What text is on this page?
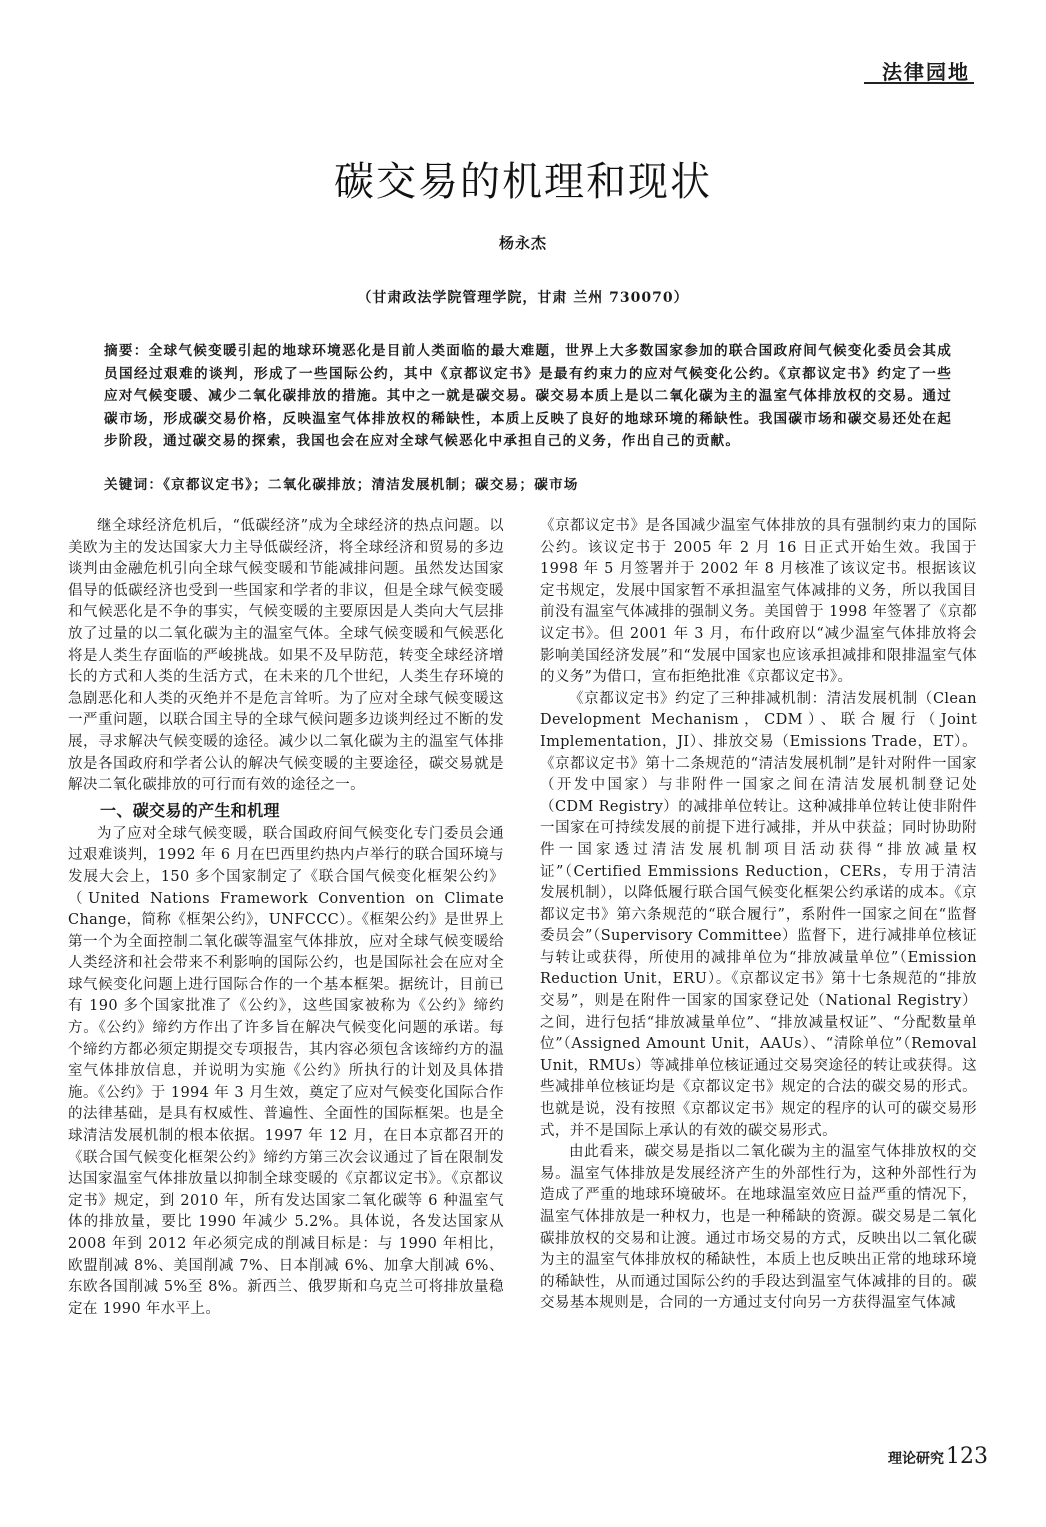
法律园地
碳交易的机理和现状
杨永杰
（甘肃政法学院管理学院，甘肃 兰州 730070）
摘要：全球气候变暖引起的地球环境恶化是目前人类面临的最大难题，世界上大多数国家参加的联合国政府间气候变化委员会其成员国经过艰难的谈判，形成了一些国际公约，其中《京都议定书》是最有约束力的应对气候变化公约。《京都议定书》约定了一些应对气候变暖、减少二氧化碳排放的措施。其中之一就是碳交易。碳交易本质上是以二氧化碳为主的温室气体排放权的交易。通过碳市场，形成碳交易价格，反映温室气体排放权的稀缺性，本质上反映了良好的地球环境的稀缺性。我国碳市场和碳交易还处在起步阶段，通过碳交易的探索，我国也会在应对全球气候恶化中承担自己的义务，作出自己的贡献。
关键词：《京都议定书》；二氧化碳排放；清洁发展机制；碳交易；碳市场

继全球经济危机后，“低碳经济”成为全球经济的热点问题。以美欧为主的发达国家大力主导低碳经济，将全球经济和贸易的多边谈判由金融危机引向全球气候变暖和节能减排问题。虽然发达国家倡导的低碳经济也受到一些国家和学者的非议，但是全球气候变暖和气候恶化是不争的事实，气候变暖的主要原因是人类向大气层排放了过量的以二氧化碳为主的温室气体。全球气候变暖和气候恶化将是人类生存面临的严峻挑战。如果不及早防范，转变全球经济增长的方式和人类的生活方式，在未来的几个世纪，人类生存环境的急剧恶化和人类的灭绝并不是危言耸听。为了应对全球气候变暖这一严重问题，以联合国主导的全球气候问题多边谈判经过不断的发展，寻求解决气候变暖的途径。减少以二氧化碳为主的温室气体排放是各国政府和学者公认的解决气候变暖的主要途径，碳交易就是解决二氧化碳排放的可行而有效的途径之一。

一、碳交易的产生和机理

为了应对全球气候变暖，联合国政府间气候变化专门委员会通过艰难谈判，1992 年 6 月在巴西里约热内卢举行的联合国环境与发展大会上，150 多个国家制定了《联合国气候变化框架公约》（United Nations Framework Convention on Climate Change，简称《框架公约》，UNFCCC）。《框架公约》是世界上第一个为全面控制二氧化碳等温室气体排放，应对全球气候变暖给人类经济和社会带来不利影响的国际公约，也是国际社会在应对全球气候变化问题上进行国际合作的一个基本框架。据统计，目前已有 190 多个国家批准了《公约》，这些国家被称为《公约》缔约方。《公约》缔约方作出了许多旨在解决气候变化问题的承诺。每个缔约方都必须定期提交专项报告，其内容必须包含该缔约方的温室气体排放信息，并说明为实施《公约》所执行的计划及具体措施。《公约》于 1994 年 3 月生效，奠定了应对气候变化国际合作的法律基础，是具有权威性、普遍性、全面性的国际框架。也是全球清洁发展机制的根本依据。1997 年 12 月，在日本京都召开的《联合国气候变化框架公约》缔约方第三次会议通过了旨在限制发达国家温室气体排放量以抑制全球变暖的《京都议定书》。《京都议定书》规定，到 2010 年，所有发达国家二氧化碳等 6 种温室气体的排放量，要比 1990 年减少 5.2%。具体说，各发达国家从 2008 年到 2012 年必须完成的削减目标是：与 1990 年相比，欧盟削减 8%、美国削减 7%、日本削减 6%、加拿大削减 6%、东欧各国削减 5%至 8%。新西兰、俄罗斯和乌克兰可将排放量稳定在 1990 年水平上。

《京都议定书》是各国减少温室气体排放的具有强制约束力的国际公约。该议定书于 2005 年 2 月 16 日正式开始生效。我国于 1998 年 5 月签署并于 2002 年 8 月核准了该议定书。根据该议定书规定，发展中国家暂不承担温室气体减排的义务，所以我国目前没有温室气体减排的强制义务。美国曾于 1998 年签署了《京都议定书》。但 2001 年 3 月，布什政府以“减少温室气体排放将会影响美国经济发展”和“发展中国家也应该承担减排和限排温室气体的义务”为借口，宣布拒绝批准《京都议定书》。

《京都议定书》约定了三种排减机制：清洁发展机制（Clean Development Mechanism，CDM）、联合履行（Joint Implementation，JI）、排放交易（Emissions Trade，ET）。《京都议定书》第十二条规范的“清洁发展机制”是针对附件一国家（开发中国家）与非附件一国家之间在清洁发展机制登记处（CDM Registry）的减排单位转让。这种减排单位转让使非附件一国家在可持续发展的前提下进行减排，并从中获益；同时协助附件一国家透过清洁发展机制项目活动获得“排放减量权证”（Certified Emmissions Reduction，CERs，专用于清洁发展机制），以降低履行联合国气候变化框架公约承诺的成本。《京都议定书》第六条规范的“联合履行”，系附件一国家之间在“监督委员会”（Supervisory Committee）监督下，进行减排单位核证与转让或获得，所使用的减排单位为“排放减量单位”（Emission Reduction Unit，ERU）。《京都议定书》第十七条规范的“排放交易”，则是在附件一国家的国家登记处（National Registry）之间，进行包括“排放减量单位”、“排放减量权证”、“分配数量单位”（Assigned Amount Unit，AAUs）、“清除单位”（Removal Unit，RMUs）等减排单位核证通过交易突途径的转让或获得。这些减排单位核证均是《京都议定书》规定的合法的碳交易的形式。也就是说，没有按照《京都议定书》规定的程序的认可的碳交易形式，并不是国际上承认的有效的碳交易形式。

由此看来，碳交易是指以二氧化碳为主的温室气体排放权的交易。温室气体排放是发展经济产生的外部性行为，这种外部性行为造成了严重的地球环境破坏。在地球温室效应日益严重的情况下，温室气体排放是一种权力，也是一种稀缺的资源。碳交易是二氧化碳排放权的交易和让渡。通过市场交易的方式，反映出以二氧化碳为主的温室气体排放权的稀缺性，本质上也反映出正常的地球环境的稀缺性，从而通过国际公约的手段达到温室气体减排的目的。碳交易基本规则是，合同的一方通过支付向另一方获得温室气体减

理论研究123
